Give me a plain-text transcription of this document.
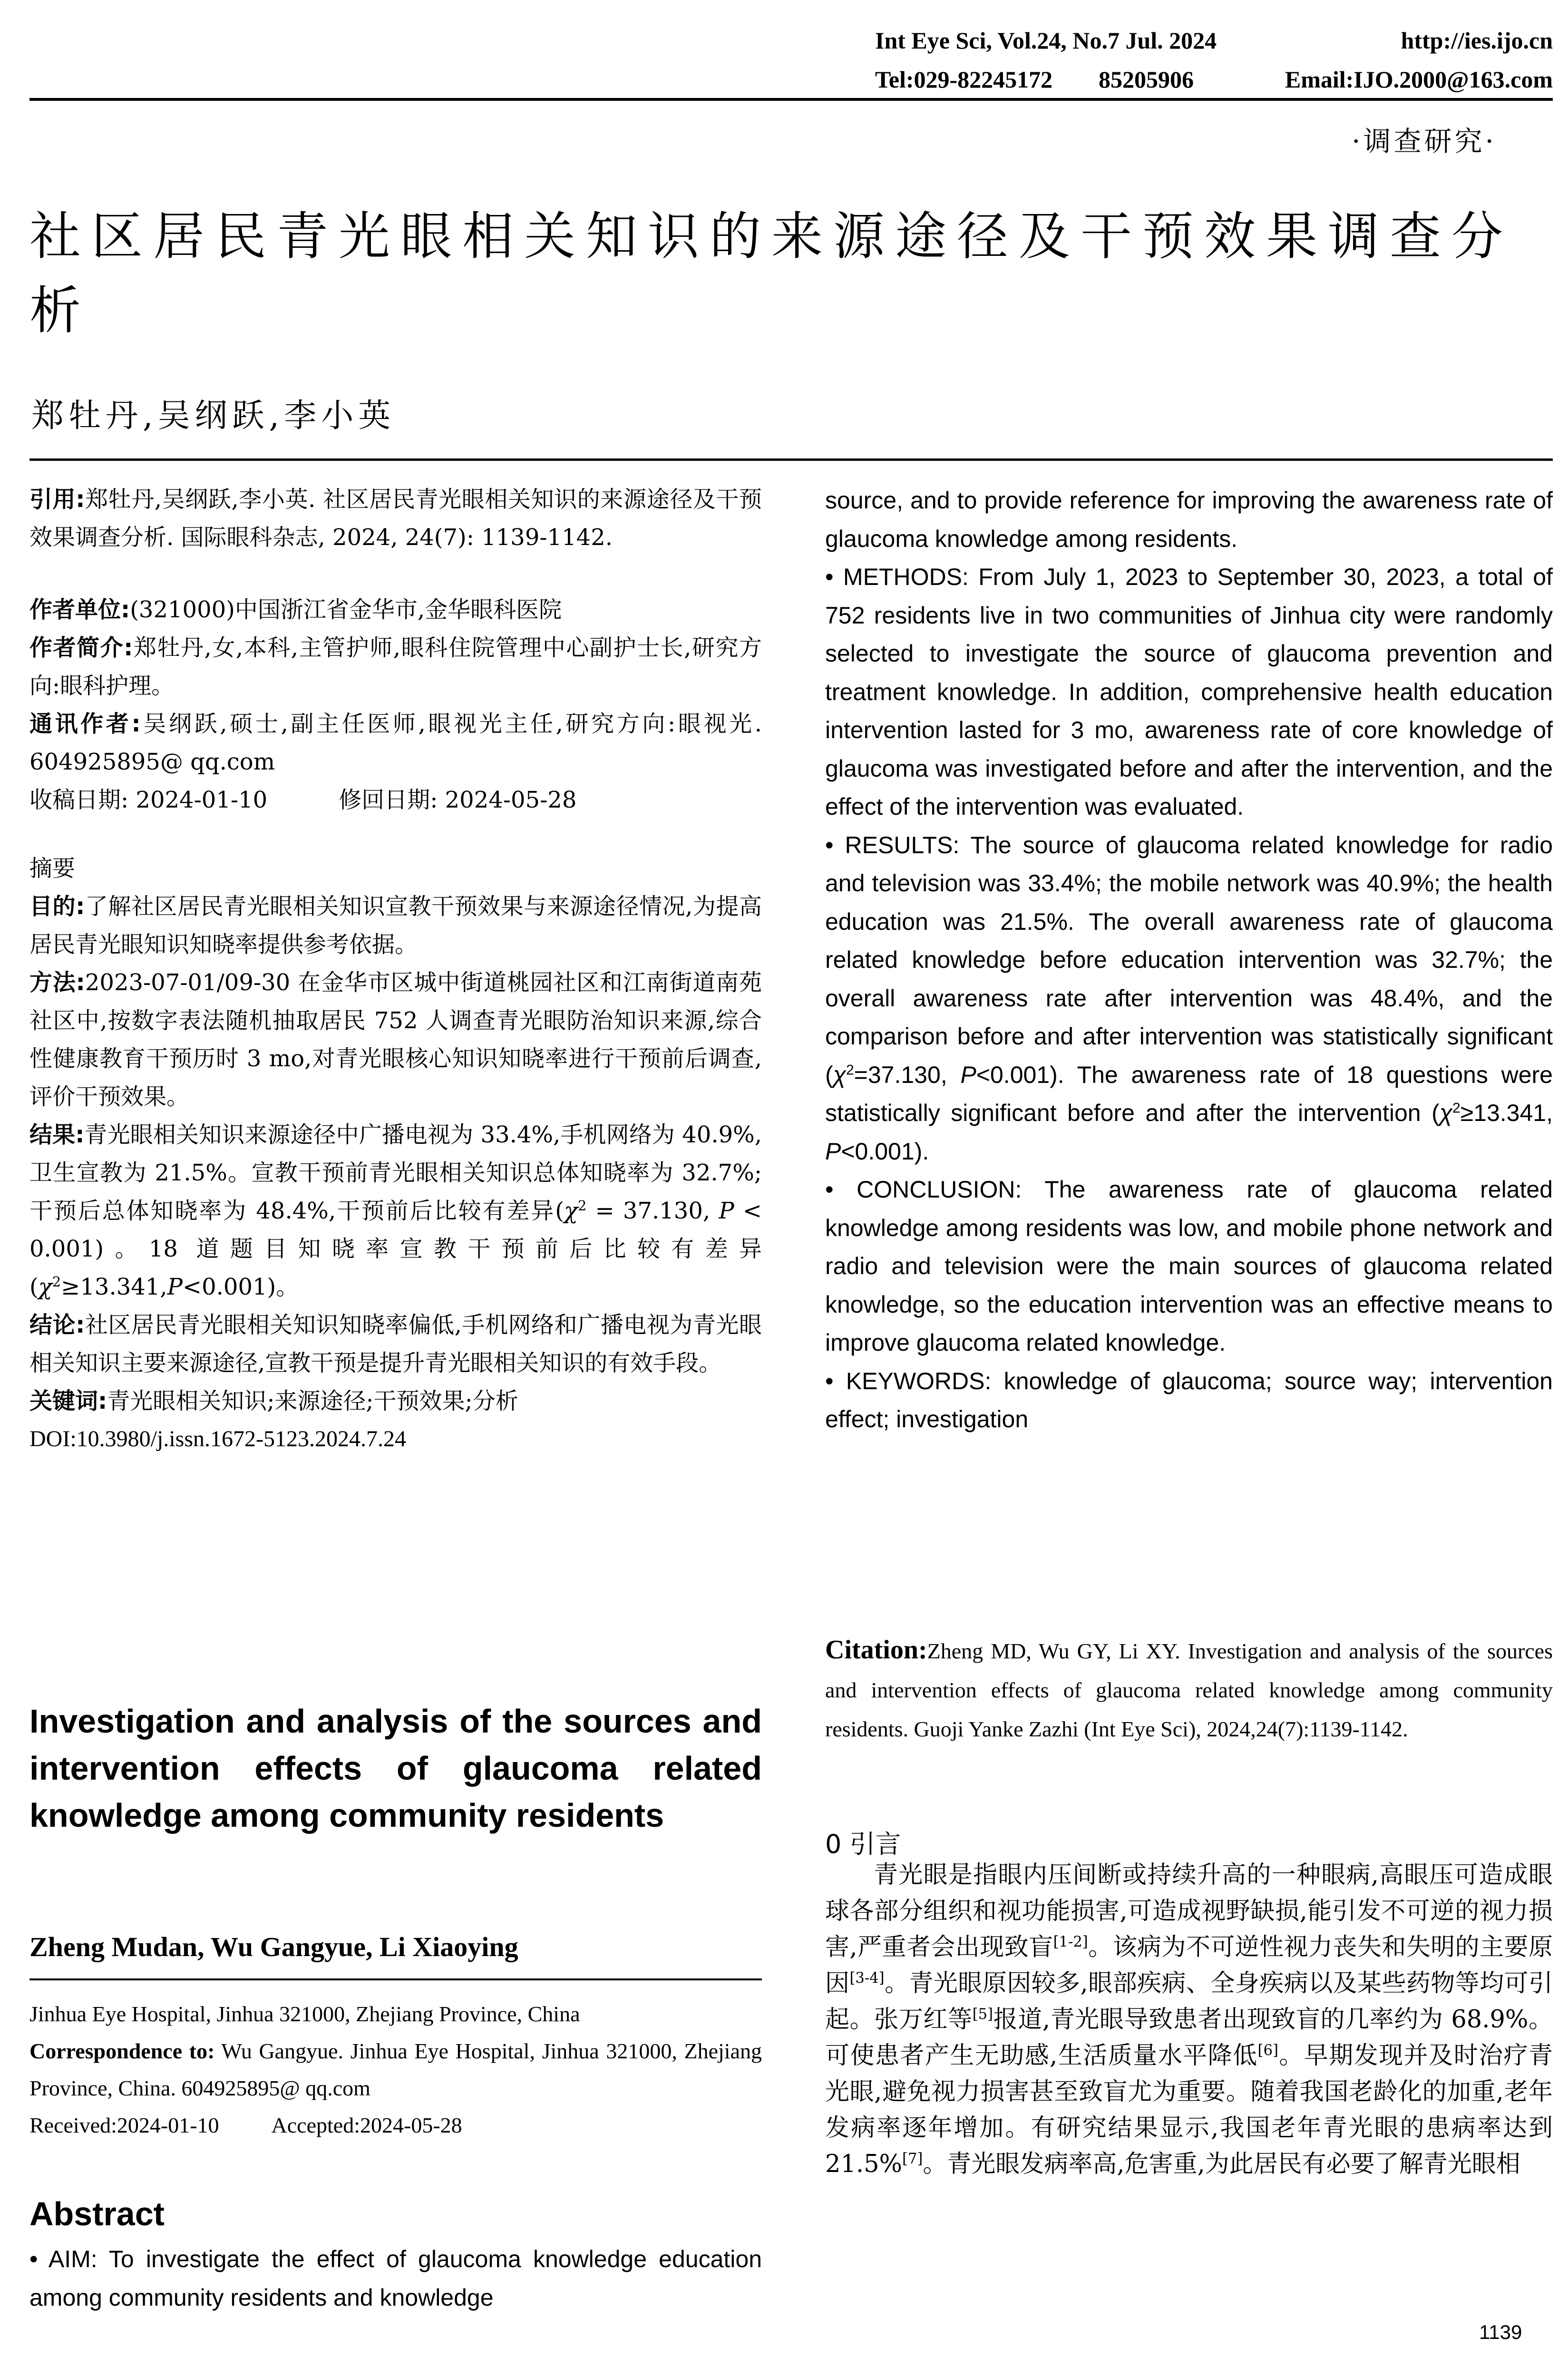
Int Eye Sci, Vol.24, No.7 Jul. 2024	http://ies.ijo.cn
Tel:029-82245172 85205906	Email:IJO.2000@163.com
·调查研究·
社区居民青光眼相关知识的来源途径及干预效果调查分析
郑牡丹,吴纲跃,李小英

引用:郑牡丹,吴纲跃,李小英. 社区居民青光眼相关知识的来源途径及干预效果调查分析. 国际眼科杂志, 2024, 24(7): 1139-1142.

作者单位:(321000)中国浙江省金华市,金华眼科医院

作者简介:郑牡丹,女,本科,主管护师,眼科住院管理中心副护士长,研究方向:眼科护理。

通讯作者:吴纲跃,硕士,副主任医师,眼视光主任,研究方向:眼视光. 604925895@ qq.com

收稿日期: 2024-01-10	修回日期: 2024-05-28

摘要

目的:了解社区居民青光眼相关知识宣教干预效果与来源途径情况,为提高居民青光眼知识知晓率提供参考依据。

方法:2023-07-01/09-30 在金华市区城中街道桃园社区和江南街道南苑社区中,按数字表法随机抽取居民 752 人调查青光眼防治知识来源,综合性健康教育干预历时 3 mo,对青光眼核心知识知晓率进行干预前后调查,评价干预效果。

结果:青光眼相关知识来源途径中广播电视为 33.4%,手机网络为 40.9%,卫生宣教为 21.5%。宣教干预前青光眼相关知识总体知晓率为 32.7%;干预后总体知晓率为 48.4%,干预前后比较有差异($\chi^2 = 37.130$, P < 0.001)。18 道题目知晓率宣教干预前后比较有差异$(\chi^2\ge 13.341,P<0.001)$。

结论:社区居民青光眼相关知识知晓率偏低,手机网络和广播电视为青光眼相关知识主要来源途径,宣教干预是提升青光眼相关知识的有效手段。

关键词:青光眼相关知识;来源途径;干预效果;分析

DOI:10.3980/j.issn.1672-5123.2024.7.24

Investigation and analysis of the sources and intervention effects of glaucoma related knowledge among community residents
Zheng Mudan, Wu Gangyue, Li Xiaoying

Jinhua Eye Hospital, Jinhua 321000, Zhejiang Province, China

Correspondence to: Wu Gangyue. Jinhua Eye Hospital, Jinhua 321000, Zhejiang Province, China. 604925895@ qq.com

Received:2024-01-10 Accepted:2024-05-28

Abstract
• AIM: To investigate the effect of glaucoma knowledge education among community residents and knowledge

source, and to provide reference for improving the awareness rate of glaucoma knowledge among residents.

• METHODS: From July 1, 2023 to September 30, 2023, a total of 752 residents live in two communities of Jinhua city were randomly selected to investigate the source of glaucoma prevention and treatment knowledge. In addition, comprehensive health education intervention lasted for 3 mo, awareness rate of core knowledge of glaucoma was investigated before and after the intervention, and the effect of the intervention was evaluated.

• RESULTS: The source of glaucoma related knowledge for radio and television was 33.4%; the mobile network was 40.9%; the health education was 21.5%. The overall awareness rate of glaucoma related knowledge before education intervention was 32.7%; the overall awareness rate after intervention was 48.4%, and the comparison before and after intervention was statistically significant ($\chi^2=37.130$, P<0.001). The awareness rate of 18 questions were statistically significant before and after the intervention ($\chi^2\ge 13.341$, P<0.001).

• CONCLUSION: The awareness rate of glaucoma related knowledge among residents was low, and mobile phone network and radio and television were the main sources of glaucoma related knowledge, so the education intervention was an effective means to improve glaucoma related knowledge.

• KEYWORDS: knowledge of glaucoma; source way; intervention effect; investigation

Citation:Zheng MD, Wu GY, Li XY. Investigation and analysis of the sources and intervention effects of glaucoma related knowledge among community residents. Guoji Yanke Zazhi (Int Eye Sci), 2024,24(7):1139-1142.
0 引言

青光眼是指眼内压间断或持续升高的一种眼病,高眼压可造成眼球各部分组织和视功能损害,可造成视野缺损,能引发不可逆的视力损害,严重者会出现致盲[1-2]。该病为不可逆性视力丧失和失明的主要原因[3-4]。青光眼原因较多,眼部疾病、全身疾病以及某些药物等均可引起。张万红等[5]报道,青光眼导致患者出现致盲的几率约为 68.9%。可使患者产生无助感,生活质量水平降低[6]。早期发现并及时治疗青光眼,避免视力损害甚至致盲尤为重要。随着我国老龄化的加重,老年发病率逐年增加。有研究结果显示,我国老年青光眼的患病率达到 21.5%[7]。青光眼发病率高,危害重,为此居民有必要了解青光眼相

1139
